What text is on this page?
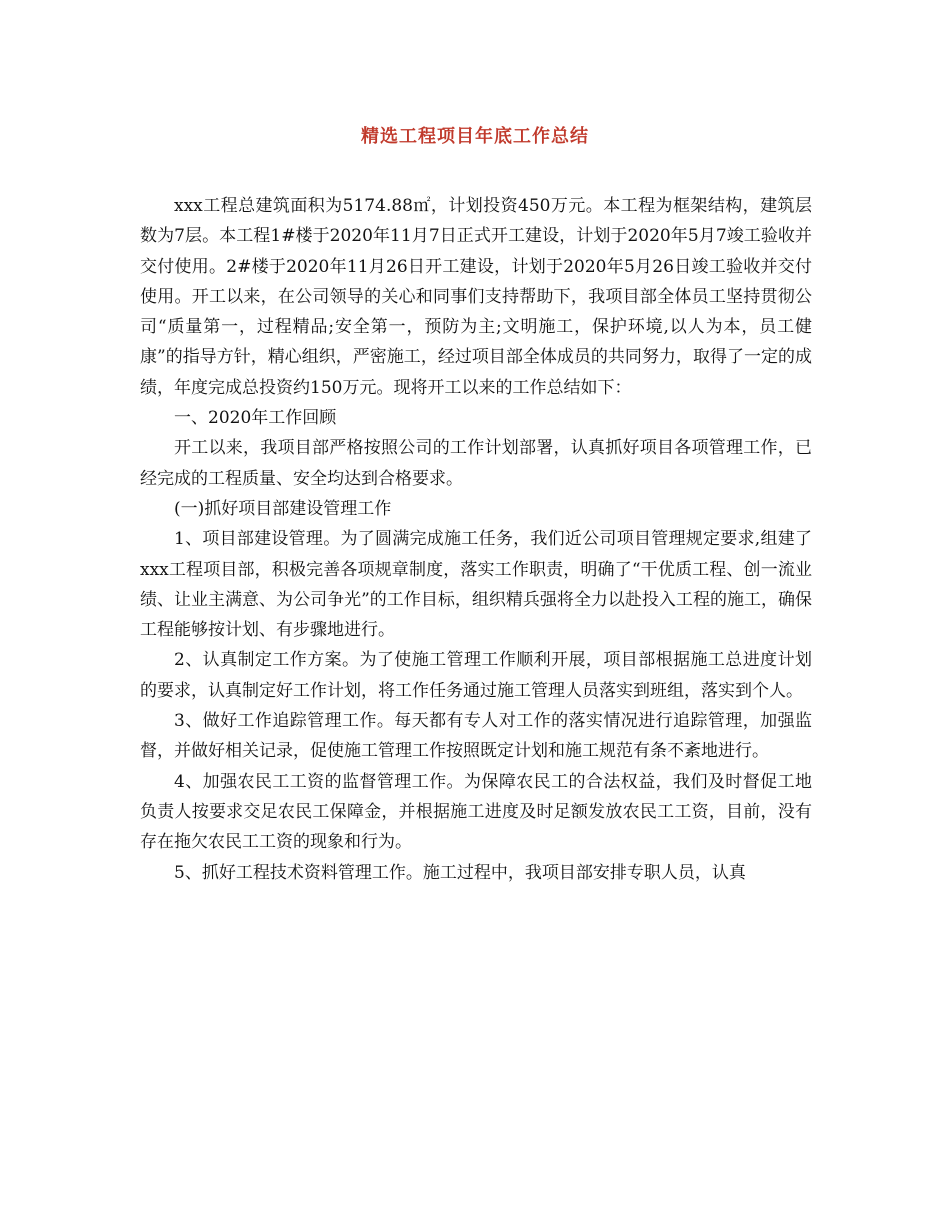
精选工程项目年底工作总结

xxx工程总建筑面积为5174.88㎡，计划投资450万元。本工程为框架结构，建筑层数为7层。本工程1#楼于2020年11月7日正式开工建设，计划于2020年5月7竣工验收并交付使用。2#楼于2020年11月26日开工建设，计划于2020年5月26日竣工验收并交付使用。开工以来，在公司领导的关心和同事们支持帮助下，我项目部全体员工坚持贯彻公司“质量第一，过程精品;安全第一，预防为主;文明施工，保护环境,以人为本，员工健康”的指导方针，精心组织，严密施工，经过项目部全体成员的共同努力，取得了一定的成绩，年度完成总投资约150万元。现将开工以来的工作总结如下：

一、2020年工作回顾

开工以来，我项目部严格按照公司的工作计划部署，认真抓好项目各项管理工作，已经完成的工程质量、安全均达到合格要求。

(一)抓好项目部建设管理工作

1、项目部建设管理。为了圆满完成施工任务，我们近公司项目管理规定要求,组建了xxx工程项目部，积极完善各项规章制度，落实工作职责，明确了“干优质工程、创一流业绩、让业主满意、为公司争光”的工作目标，组织精兵强将全力以赴投入工程的施工，确保工程能够按计划、有步骤地进行。

2、认真制定工作方案。为了使施工管理工作顺利开展，项目部根据施工总进度计划的要求，认真制定好工作计划，将工作任务通过施工管理人员落实到班组，落实到个人。

3、做好工作追踪管理工作。每天都有专人对工作的落实情况进行追踪管理，加强监督，并做好相关记录，促使施工管理工作按照既定计划和施工规范有条不紊地进行。

4、加强农民工工资的监督管理工作。为保障农民工的合法权益，我们及时督促工地负责人按要求交足农民工保障金，并根据施工进度及时足额发放农民工工资，目前，没有存在拖欠农民工工资的现象和行为。

5、抓好工程技术资料管理工作。施工过程中，我项目部安排专职人员，认真
